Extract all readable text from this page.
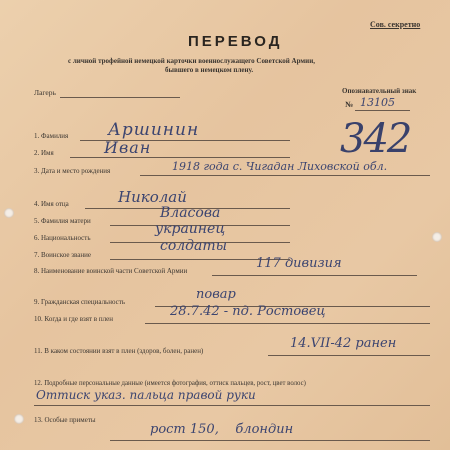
Сов. секретно
ПЕРЕВОД
с личной трофейной немецкой карточки военнослужащего Советской Армии,
бывшего в немецком плену.
Лагерь	Опознавательный знак
№ 13105
342
1. Фамилия Аршинин
2. Имя	Иван
3. Дата и место рождения	1918 года с. Чигадан Лиховской обл.
4. Имя отца	Николай
5. Фамилия матери	Власова
6. Национальность
украинец
7. Воинское звание
солдаты
8. Наименование воинской части Советской Армии	117 дивизия
9. Гражданская специальность	повар
10. Когда и где взят в плен	28.7.42 - пд. Ростовец
11. В каком состоянии взят в плен (здоров, болен, ранен)	14.VII-42 ранен
12. Подробные персональные данные (имеется фотография, оттиск пальцев, рост, цвет волос)
Оттиск указ. пальца правой руки
13. Особые приметы
рост 150,    блондин
